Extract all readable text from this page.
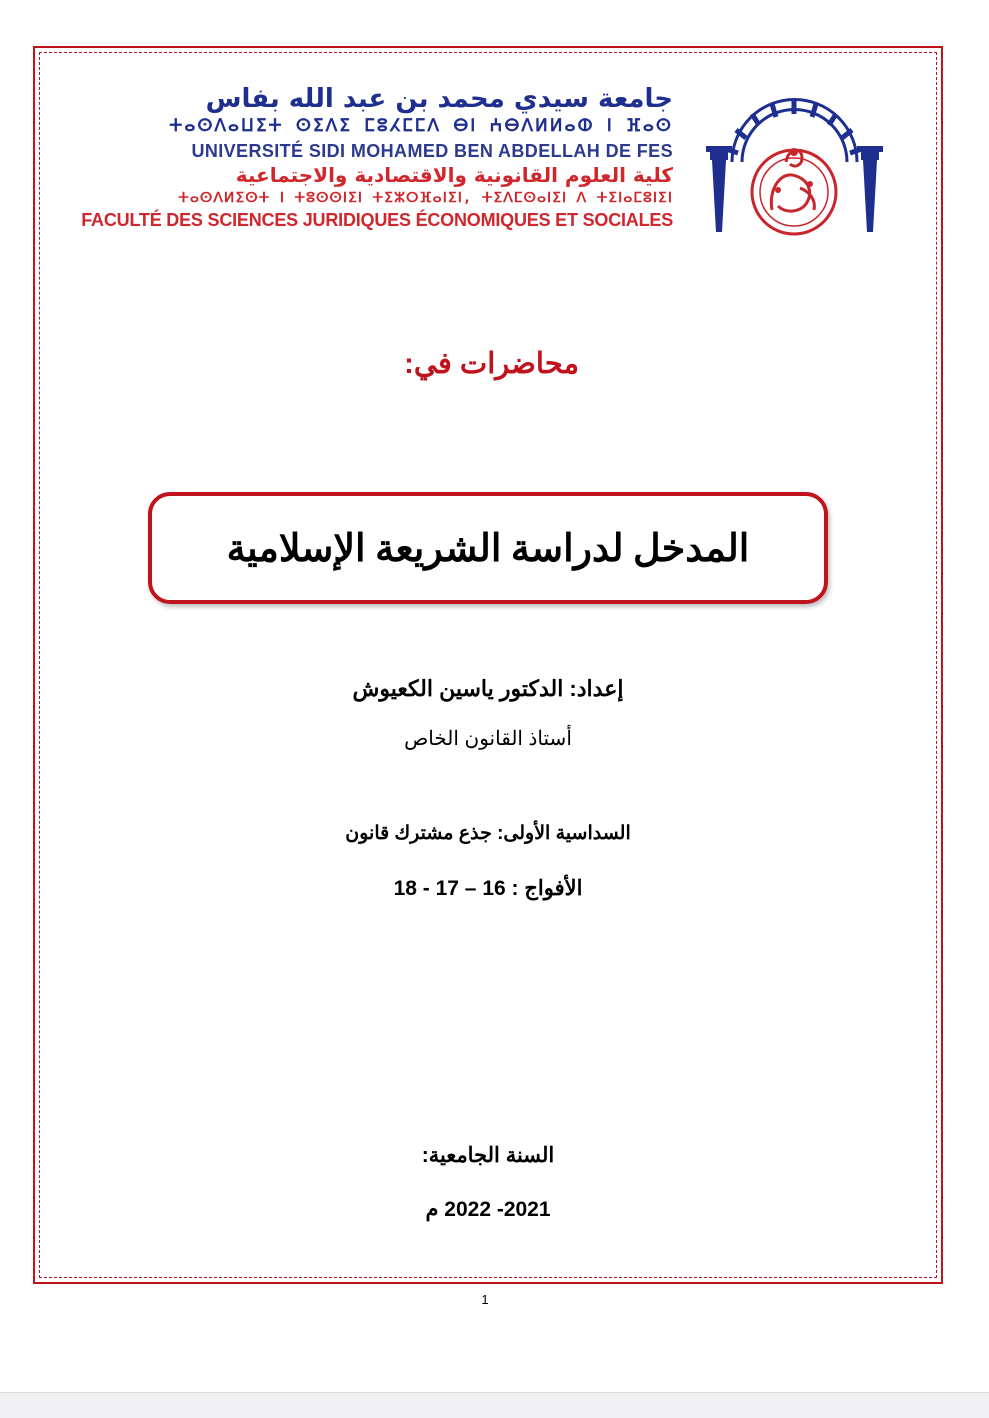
جامعة سيدي محمد بن عبد الله بفاس
ⵜⴰⵙⴷⴰⵡⵉⵜ ⵙⵉⴷⵉ ⵎⵓⵃⵎⵎⴷ ⴱⵏ ⵄⴱⴷⵍⵍⴰⵀ ⵏ ⴼⴰⵙ
UNIVERSITÉ SIDI MOHAMED BEN ABDELLAH DE FES
كلية العلوم القانونية والاقتصادية والاجتماعية
ⵜⴰⵙⴷⵍⵉⵙⵜ ⵏ ⵜⵓⵙⵙⵏⵉⵏ ⵜⵉⵣⵔⴼⴰⵏⵉⵏ, ⵜⵉⴷⵎⵙⴰⵏⵉⵏ ⴷ ⵜⵉⵏⴰⵎⵓⵏⵉⵏ
FACULTÉ DES SCIENCES JURIDIQUES ÉCONOMIQUES ET SOCIALES
محاضرات في:
المدخل لدراسة الشريعة الإسلامية
إعداد: الدكتور ياسين الكعيوش
أستاذ القانون الخاص
السداسية الأولى: جذع مشترك قانون
الأفواج : 16 – 17 - 18
السنة الجامعية:
2021- 2022 م
1
